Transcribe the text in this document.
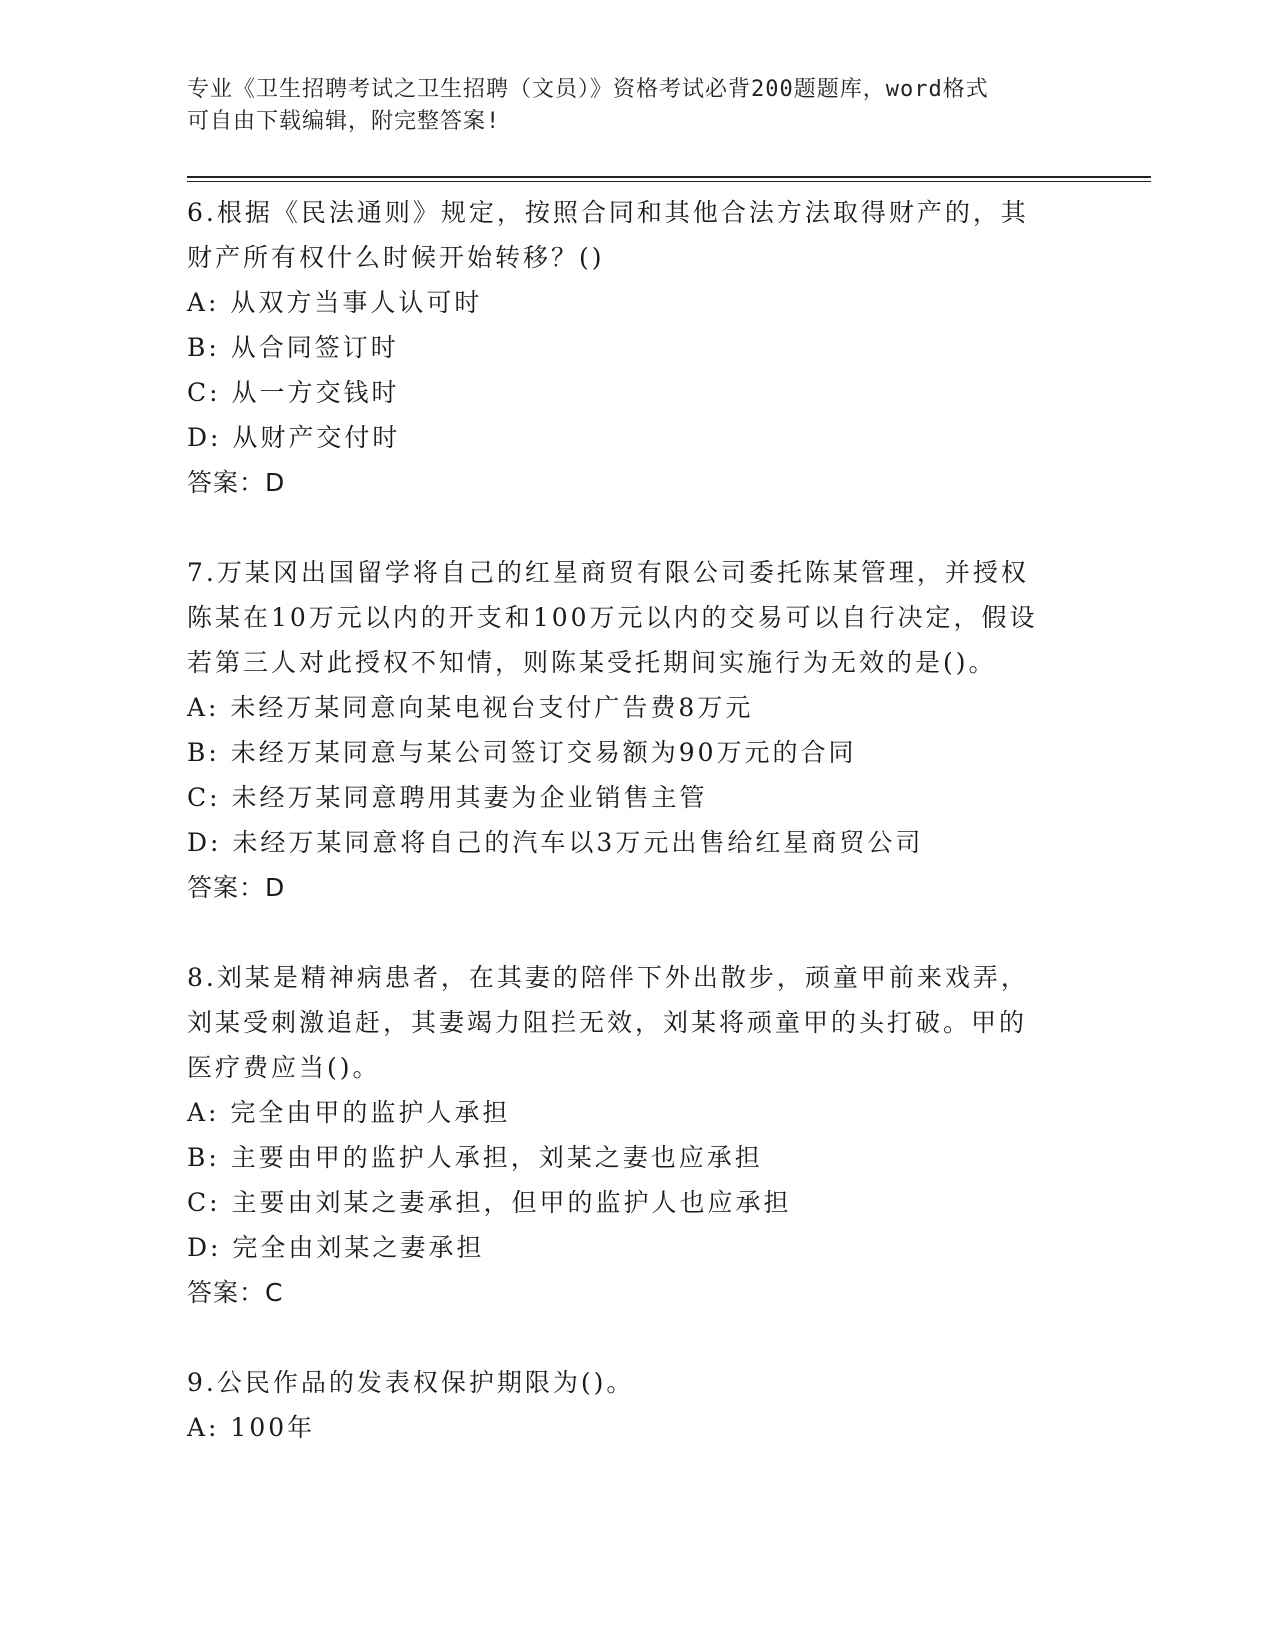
专业《卫生招聘考试之卫生招聘（文员）》资格考试必背200题题库，word格式
可自由下载编辑，附完整答案!
6.根据《民法通则》规定，按照合同和其他合法方法取得财产的，其
财产所有权什么时候开始转移？()
A: 从双方当事人认可时
B: 从合同签订时
C: 从一方交钱时
D: 从财产交付时
答案：D
7.万某冈出国留学将自己的红星商贸有限公司委托陈某管理，并授权
陈某在10万元以内的开支和100万元以内的交易可以自行决定，假设
若第三人对此授权不知情，则陈某受托期间实施行为无效的是()。
A: 未经万某同意向某电视台支付广告费8万元
B: 未经万某同意与某公司签订交易额为90万元的合同
C: 未经万某同意聘用其妻为企业销售主管
D: 未经万某同意将自己的汽车以3万元出售给红星商贸公司
答案：D
8.刘某是精神病患者，在其妻的陪伴下外出散步，顽童甲前来戏弄，
刘某受刺激追赶，其妻竭力阻拦无效，刘某将顽童甲的头打破。甲的
医疗费应当()。
A: 完全由甲的监护人承担
B: 主要由甲的监护人承担，刘某之妻也应承担
C: 主要由刘某之妻承担，但甲的监护人也应承担
D: 完全由刘某之妻承担
答案：C
9.公民作品的发表权保护期限为()。
A: 100年
